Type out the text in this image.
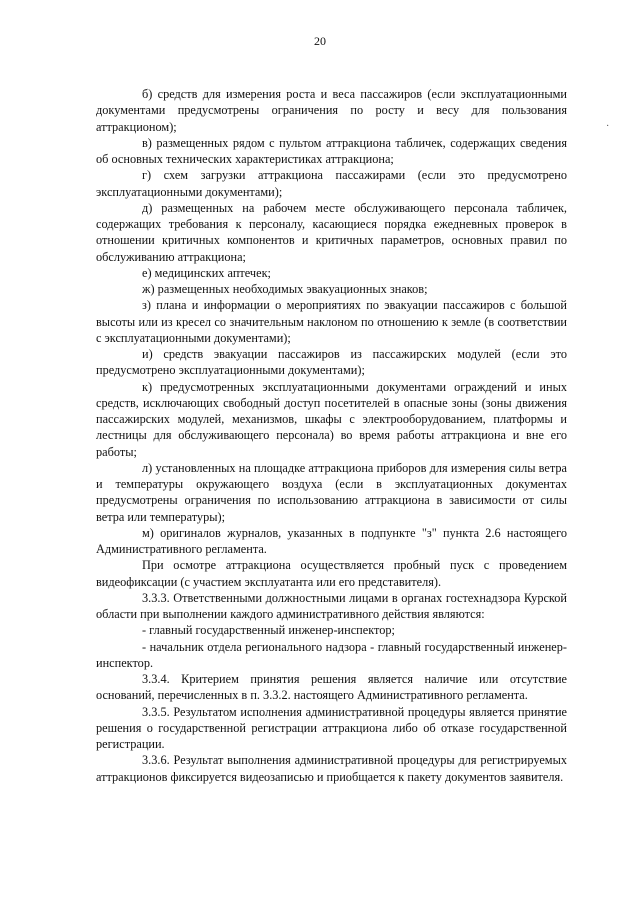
20
·

б) средств для измерения роста и веса пассажиров (если эксплуатационными документами предусмотрены ограничения по росту и весу для пользования аттракционом);

в) размещенных рядом с пультом аттракциона табличек, содержащих сведения об основных технических характеристиках аттракциона;

г) схем загрузки аттракциона пассажирами (если это предусмотрено эксплуатационными документами);

д) размещенных на рабочем месте обслуживающего персонала табличек, содержащих требования к персоналу, касающиеся порядка ежедневных проверок в отношении критичных компонентов и критичных параметров, основных правил по обслуживанию аттракциона;

е) медицинских аптечек;

ж) размещенных необходимых эвакуационных знаков;

з) плана и информации о мероприятиях по эвакуации пассажиров с большой высоты или из кресел со значительным наклоном по отношению к земле (в соответствии с эксплуатационными документами);

и) средств эвакуации пассажиров из пассажирских модулей (если это предусмотрено эксплуатационными документами);

к) предусмотренных эксплуатационными документами ограждений и иных средств, исключающих свободный доступ посетителей в опасные зоны (зоны движения пассажирских модулей, механизмов, шкафы с электрооборудованием, платформы и лестницы для обслуживающего персонала) во время работы аттракциона и вне его работы;

л) установленных на площадке аттракциона приборов для измерения силы ветра и температуры окружающего воздуха (если в эксплуатационных документах предусмотрены ограничения по использованию аттракциона в зависимости от силы ветра или температуры);

м) оригиналов журналов, указанных в подпункте "з" пункта 2.6 настоящего Административного регламента.

При осмотре аттракциона осуществляется пробный пуск с проведением видеофиксации (с участием эксплуатанта или его представителя).

3.3.3. Ответственными должностными лицами в органах гостехнадзора Курской области при выполнении каждого административного действия являются:

- главный государственный инженер-инспектор;

- начальник отдела регионального надзора - главный государственный инженер-инспектор.

3.3.4. Критерием принятия решения является наличие или отсутствие оснований, перечисленных в п. 3.3.2. настоящего Административного регламента.

3.3.5. Результатом исполнения административной процедуры является принятие решения о государственной регистрации аттракциона либо об отказе государственной регистрации.

3.3.6. Результат выполнения административной процедуры для регистрируемых аттракционов фиксируется видеозаписью и приобщается к пакету документов заявителя.
